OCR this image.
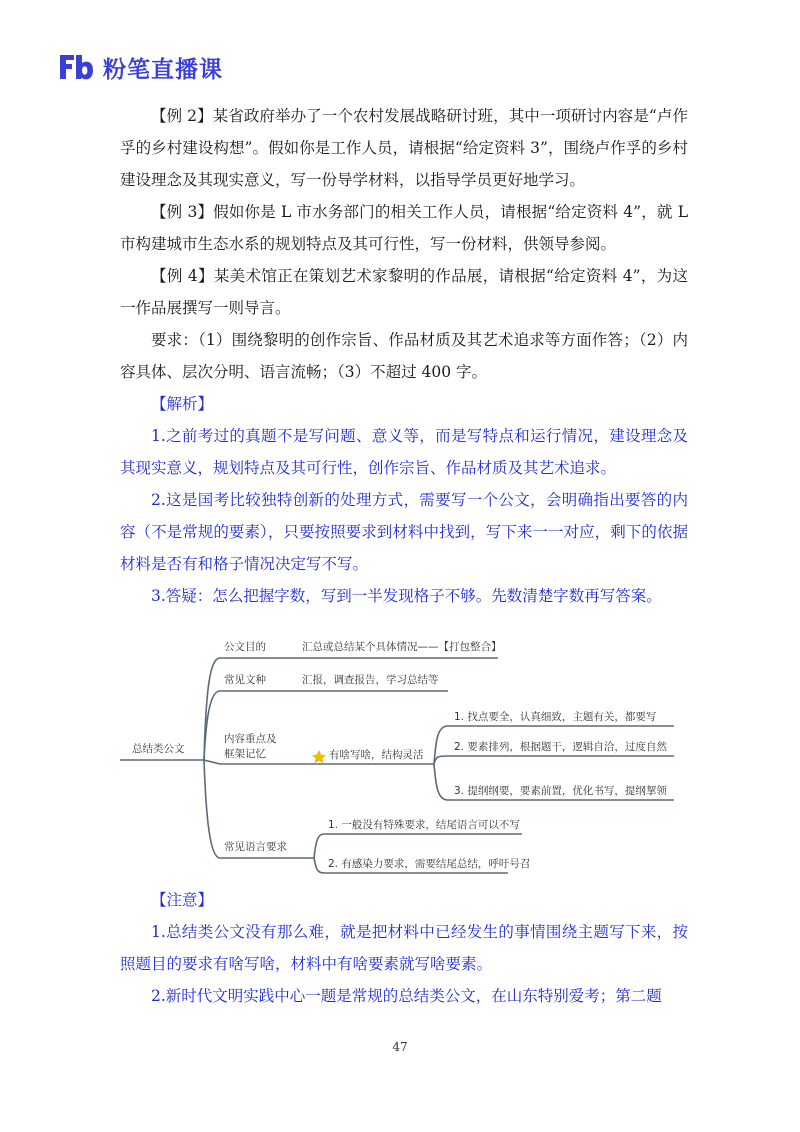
粉笔直播课

【例 2】某省政府举办了一个农村发展战略研讨班，其中一项研讨内容是“卢作孚的乡村建设构想”。假如你是工作人员，请根据“给定资料 3”，围绕卢作孚的乡村建设理念及其现实意义，写一份导学材料，以指导学员更好地学习。

【例 3】假如你是 L 市水务部门的相关工作人员，请根据“给定资料 4”，就 L 市构建城市生态水系的规划特点及其可行性，写一份材料，供领导参阅。

【例 4】某美术馆正在策划艺术家黎明的作品展，请根据“给定资料 4”，为这一作品展撰写一则导言。

要求：（1）围绕黎明的创作宗旨、作品材质及其艺术追求等方面作答；（2）内容具体、层次分明、语言流畅；（3）不超过 400 字。

【解析】

1.之前考过的真题不是写问题、意义等，而是写特点和运行情况，建设理念及其现实意义，规划特点及其可行性，创作宗旨、作品材质及其艺术追求。

2.这是国考比较独特创新的处理方式，需要写一个公文，会明确指出要答的内容（不是常规的要素），只要按照要求到材料中找到，写下来一一对应，剩下的依据材料是否有和格子情况决定写不写。

3.答疑：怎么把握字数，写到一半发现格子不够。先数清楚字数再写答案。

总结类公文
公文目的	汇总或总结某个具体情况——【打包整合】
常见文种	汇报，调查报告，学习总结等
内容重点及
框架记忆	有啥写啥，结构灵活
1. 找点要全，认真细致，主题有关，都要写
2. 要素排列，根据题干，逻辑自洽，过度自然
3. 提纲纲要，要素前置，优化书写，提纲挈领
常见语言要求
1. 一般没有特殊要求，结尾语言可以不写
2. 有感染力要求，需要结尾总结，呼吁号召

【注意】

1.总结类公文没有那么难，就是把材料中已经发生的事情围绕主题写下来，按照题目的要求有啥写啥，材料中有啥要素就写啥要素。

2.新时代文明实践中心一题是常规的总结类公文，在山东特别爱考；第二题

47
